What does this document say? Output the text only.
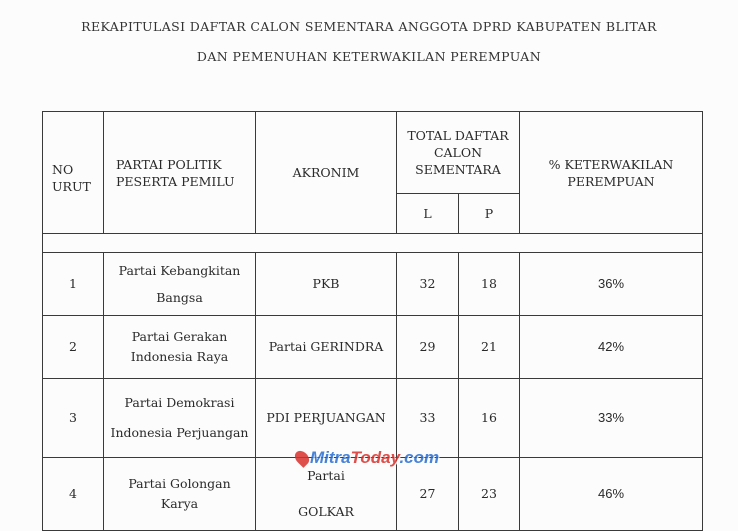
REKAPITULASI DAFTAR CALON SEMENTARA ANGGOTA DPRD KABUPATEN BLITAR
DAN PEMENUHAN KETERWAKILAN PEREMPUAN
NO URUT	PARTAI POLITIK PESERTA PEMILU	AKRONIM	TOTAL DAFTAR CALON SEMENTARA		% KETERWAKILAN PEREMPUAN
			L	P	

1	Partai Kebangkitan Bangsa	PKB	32	18	36%
2	Partai Gerakan Indonesia Raya	Partai GERINDRA	29	21	42%
3	Partai Demokrasi Indonesia Perjuangan	PDI PERJUANGAN	33	16	33%
4	Partai Golongan Karya	Partai GOLKAR	27	23	46%
MitraToday.com
